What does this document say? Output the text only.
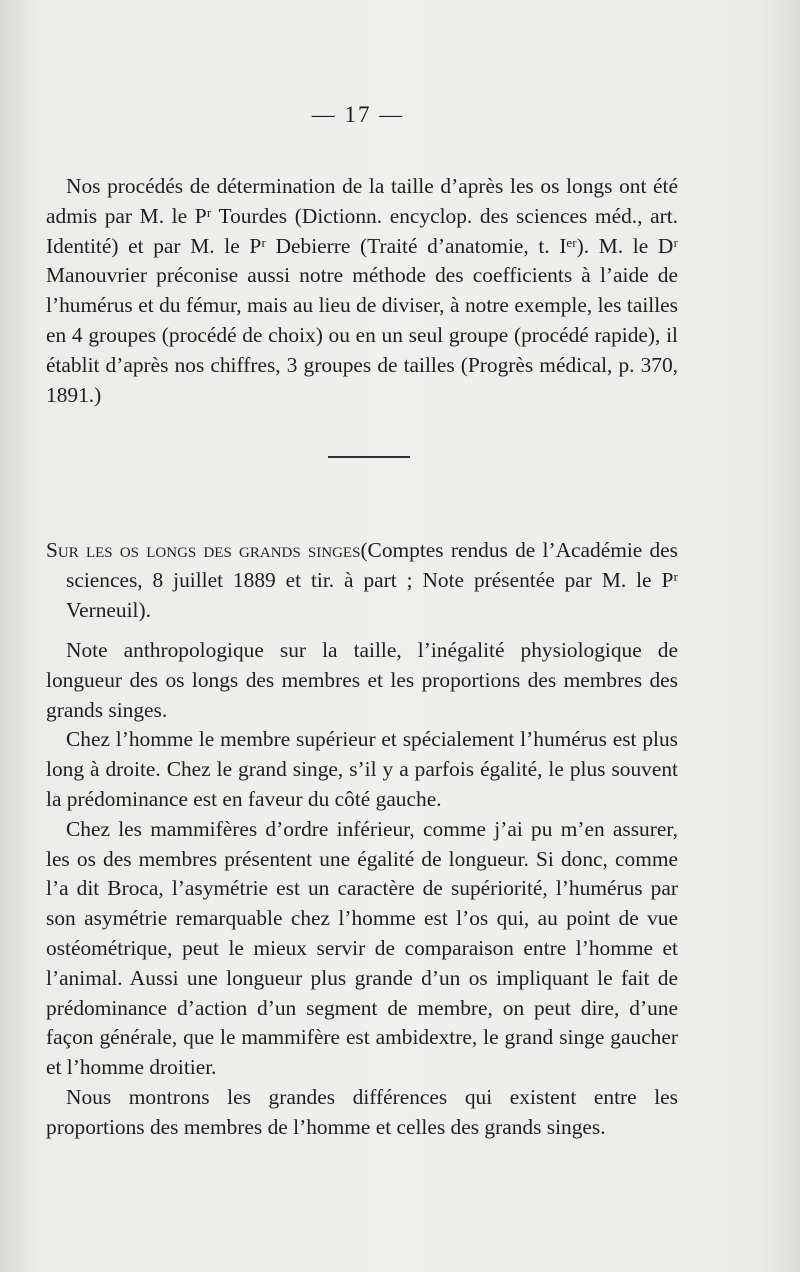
— 17 —

Nos procédés de détermination de la taille d’après les os longs ont été admis par M. le Pʳ Tourdes (Dictionn. encyclop. des sciences méd., art. Identité) et par M. le Pʳ Debierre (Traité d’anatomie, t. Iᵉʳ). M. le Dʳ Manouvrier préconise aussi notre méthode des coefficients à l’aide de l’humérus et du fémur, mais au lieu de diviser, à notre exemple, les tailles en 4 groupes (procédé de choix) ou en un seul groupe (procédé rapide), il établit d’après nos chiffres, 3 groupes de tailles (Progrès médical, p. 370, 1891.)

Sur les os longs des grands singes(Comptes rendus de l’Académie des sciences, 8 juillet 1889 et tir. à part ; Note présentée par M. le Pʳ Verneuil).

Note anthropologique sur la taille, l’inégalité physiologique de longueur des os longs des membres et les proportions des membres des grands singes.

Chez l’homme le membre supérieur et spécialement l’humérus est plus long à droite. Chez le grand singe, s’il y a parfois égalité, le plus souvent la prédominance est en faveur du côté gauche.

Chez les mammifères d’ordre inférieur, comme j’ai pu m’en assurer, les os des membres présentent une égalité de longueur. Si donc, comme l’a dit Broca, l’asymétrie est un caractère de supériorité, l’humérus par son asymétrie remarquable chez l’homme est l’os qui, au point de vue ostéométrique, peut le mieux servir de comparaison entre l’homme et l’animal. Aussi une longueur plus grande d’un os impliquant le fait de prédominance d’action d’un segment de membre, on peut dire, d’une façon générale, que le mammifère est ambidextre, le grand singe gaucher et l’homme droitier.

Nous montrons les grandes différences qui existent entre les proportions des membres de l’homme et celles des grands singes.
